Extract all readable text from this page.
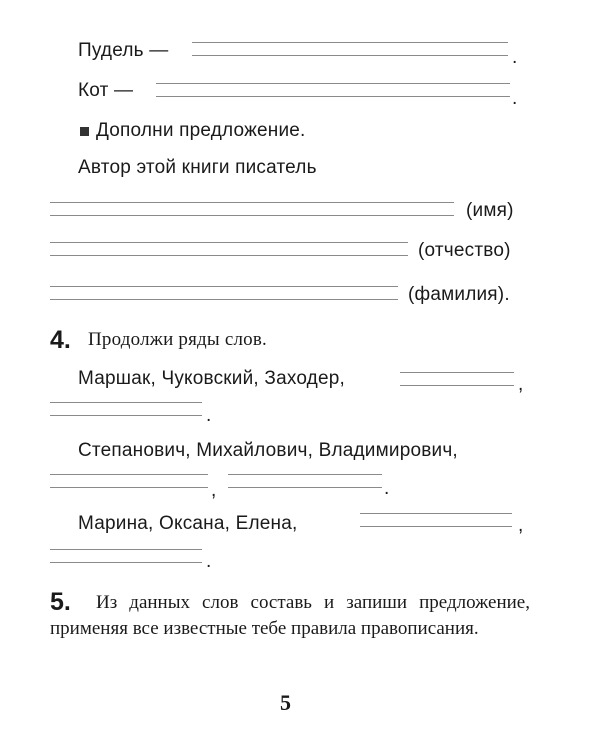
Пудель —	.
Кот —	.
Дополни предложение.
Автор этой книги писатель
(имя)
(отчество)
(фамилия).
4. Продолжи ряды слов.
Маршак, Чуковский, Заходер,	,
.
Степанович, Михайлович, Владимирович,
,	.
Марина, Оксана, Елена,	,
.
5.	Из данных слов составь и запиши предложение, применяя все известные тебе правила правописания.
5
